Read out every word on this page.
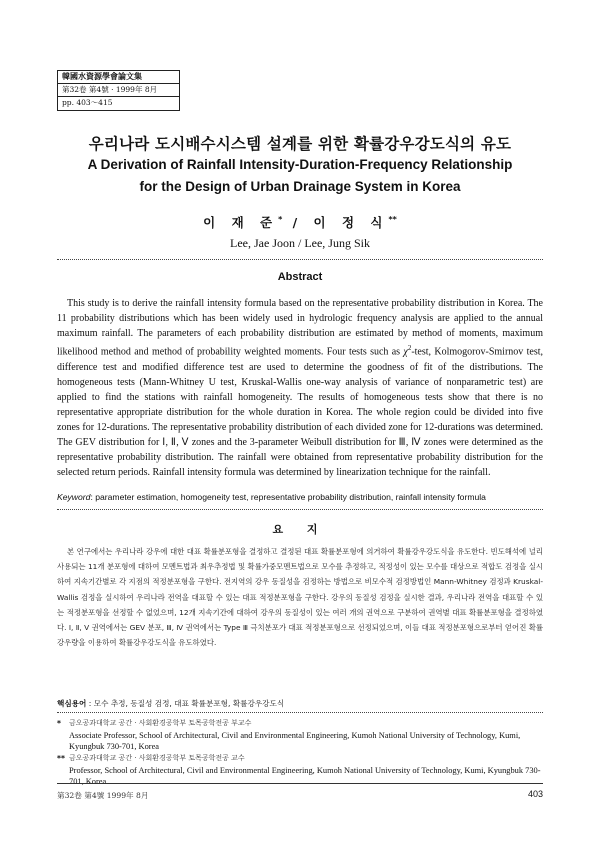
韓國水資源學會論文集
第32卷 第4號 · 1999年 8月
pp. 403～415
우리나라 도시배수시스템 설계를 위한 확률강우강도식의 유도
A Derivation of Rainfall Intensity-Duration-Frequency Relationship
for the Design of Urban Drainage System in Korea
이 재 준* / 이 정 식**
Lee, Jae Joon / Lee, Jung Sik
Abstract

This study is to derive the rainfall intensity formula based on the representative probability distribution in Korea. The 11 probability distributions which has been widely used in hydrologic frequency analysis are applied to the annual maximum rainfall. The parameters of each probability distribution are estimated by method of moments, maximum likelihood method and method of probability weighted moments. Four tests such as $\chi^2$-test, Kolmogorov-Smirnov test, difference test and modified difference test are used to determine the goodness of fit of the distributions. The homogeneous tests (Mann-Whitney U test, Kruskal-Wallis one-way analysis of variance of nonparametric test) are applied to find the stations with rainfall homogeneity. The results of homogeneous tests show that there is no representative appropriate distribution for the whole duration in Korea. The whole region could be divided into five zones for 12-durations. The representative probability distribution of each divided zone for 12-durations was determined. The GEV distribution for Ⅰ, Ⅱ, Ⅴ zones and the 3-parameter Weibull distribution for Ⅲ, Ⅳ zones were determined as the representative probability distribution. The rainfall were obtained from representative probability distribution for the selected return periods. Rainfall intensity formula was determined by linearization technique for the rainfall.

Keyword: parameter estimation, homogeneity test, representative probability distribution, rainfall intensity formula

요 지

본 연구에서는 우리나라 강우에 대한 대표 확률분포형을 결정하고 결정된 대표 확률분포형에 의거하여 확률강우강도식을 유도한다. 빈도해석에 널리 사용되는 11개 분포형에 대하여 모멘트법과 최우추정법 및 확률가중모멘트법으로 모수를 추정하고, 적정성이 있는 모수를 대상으로 적합도 검정을 실시하여 지속기간별로 각 지점의 적정분포형을 구한다. 전지역의 강우 동질성을 검정하는 방법으로 비모수적 검정방법인 Mann-Whitney 검정과 Kruskal-Wallis 검정을 실시하여 우리나라 전역을 대표할 수 있는 대표 적정분포형을 구한다. 강우의 동질성 검정을 실시한 결과, 우리나라 전역을 대표할 수 있는 적정분포형을 선정할 수 없었으며, 12개 지속기간에 대하여 강우의 동질성이 있는 여러 개의 권역으로 구분하여 권역별 대표 확률분포형을 결정하였다. Ⅰ, Ⅱ, Ⅴ 권역에서는 GEV 분포, Ⅲ, Ⅳ 권역에서는 Type Ⅲ 극치분포가 대표 적정분포형으로 선정되었으며, 이들 대표 적정분포형으로부터 얻어진 확률강우량을 이용하여 확률강우강도식을 유도하였다.

핵심용어 : 모수 추정, 동질성 검정, 대표 확률분포형, 확률강우강도식

*	금오공과대학교 공간 · 사회환경공학부 토목공학전공 부교수
Associate Professor, School of Architectural, Civil and Environmental Engineering, Kumoh National University of Technology, Kumi, Kyungbuk 730-701, Korea
** 금오공과대학교 공간 · 사회환경공학부 토목공학전공 교수
Professor, School of Architectural, Civil and Environmental Engineering, Kumoh National University of Technology, Kumi, Kyungbuk 730-701, Korea
第32卷 第4號 1999年 8月	403
